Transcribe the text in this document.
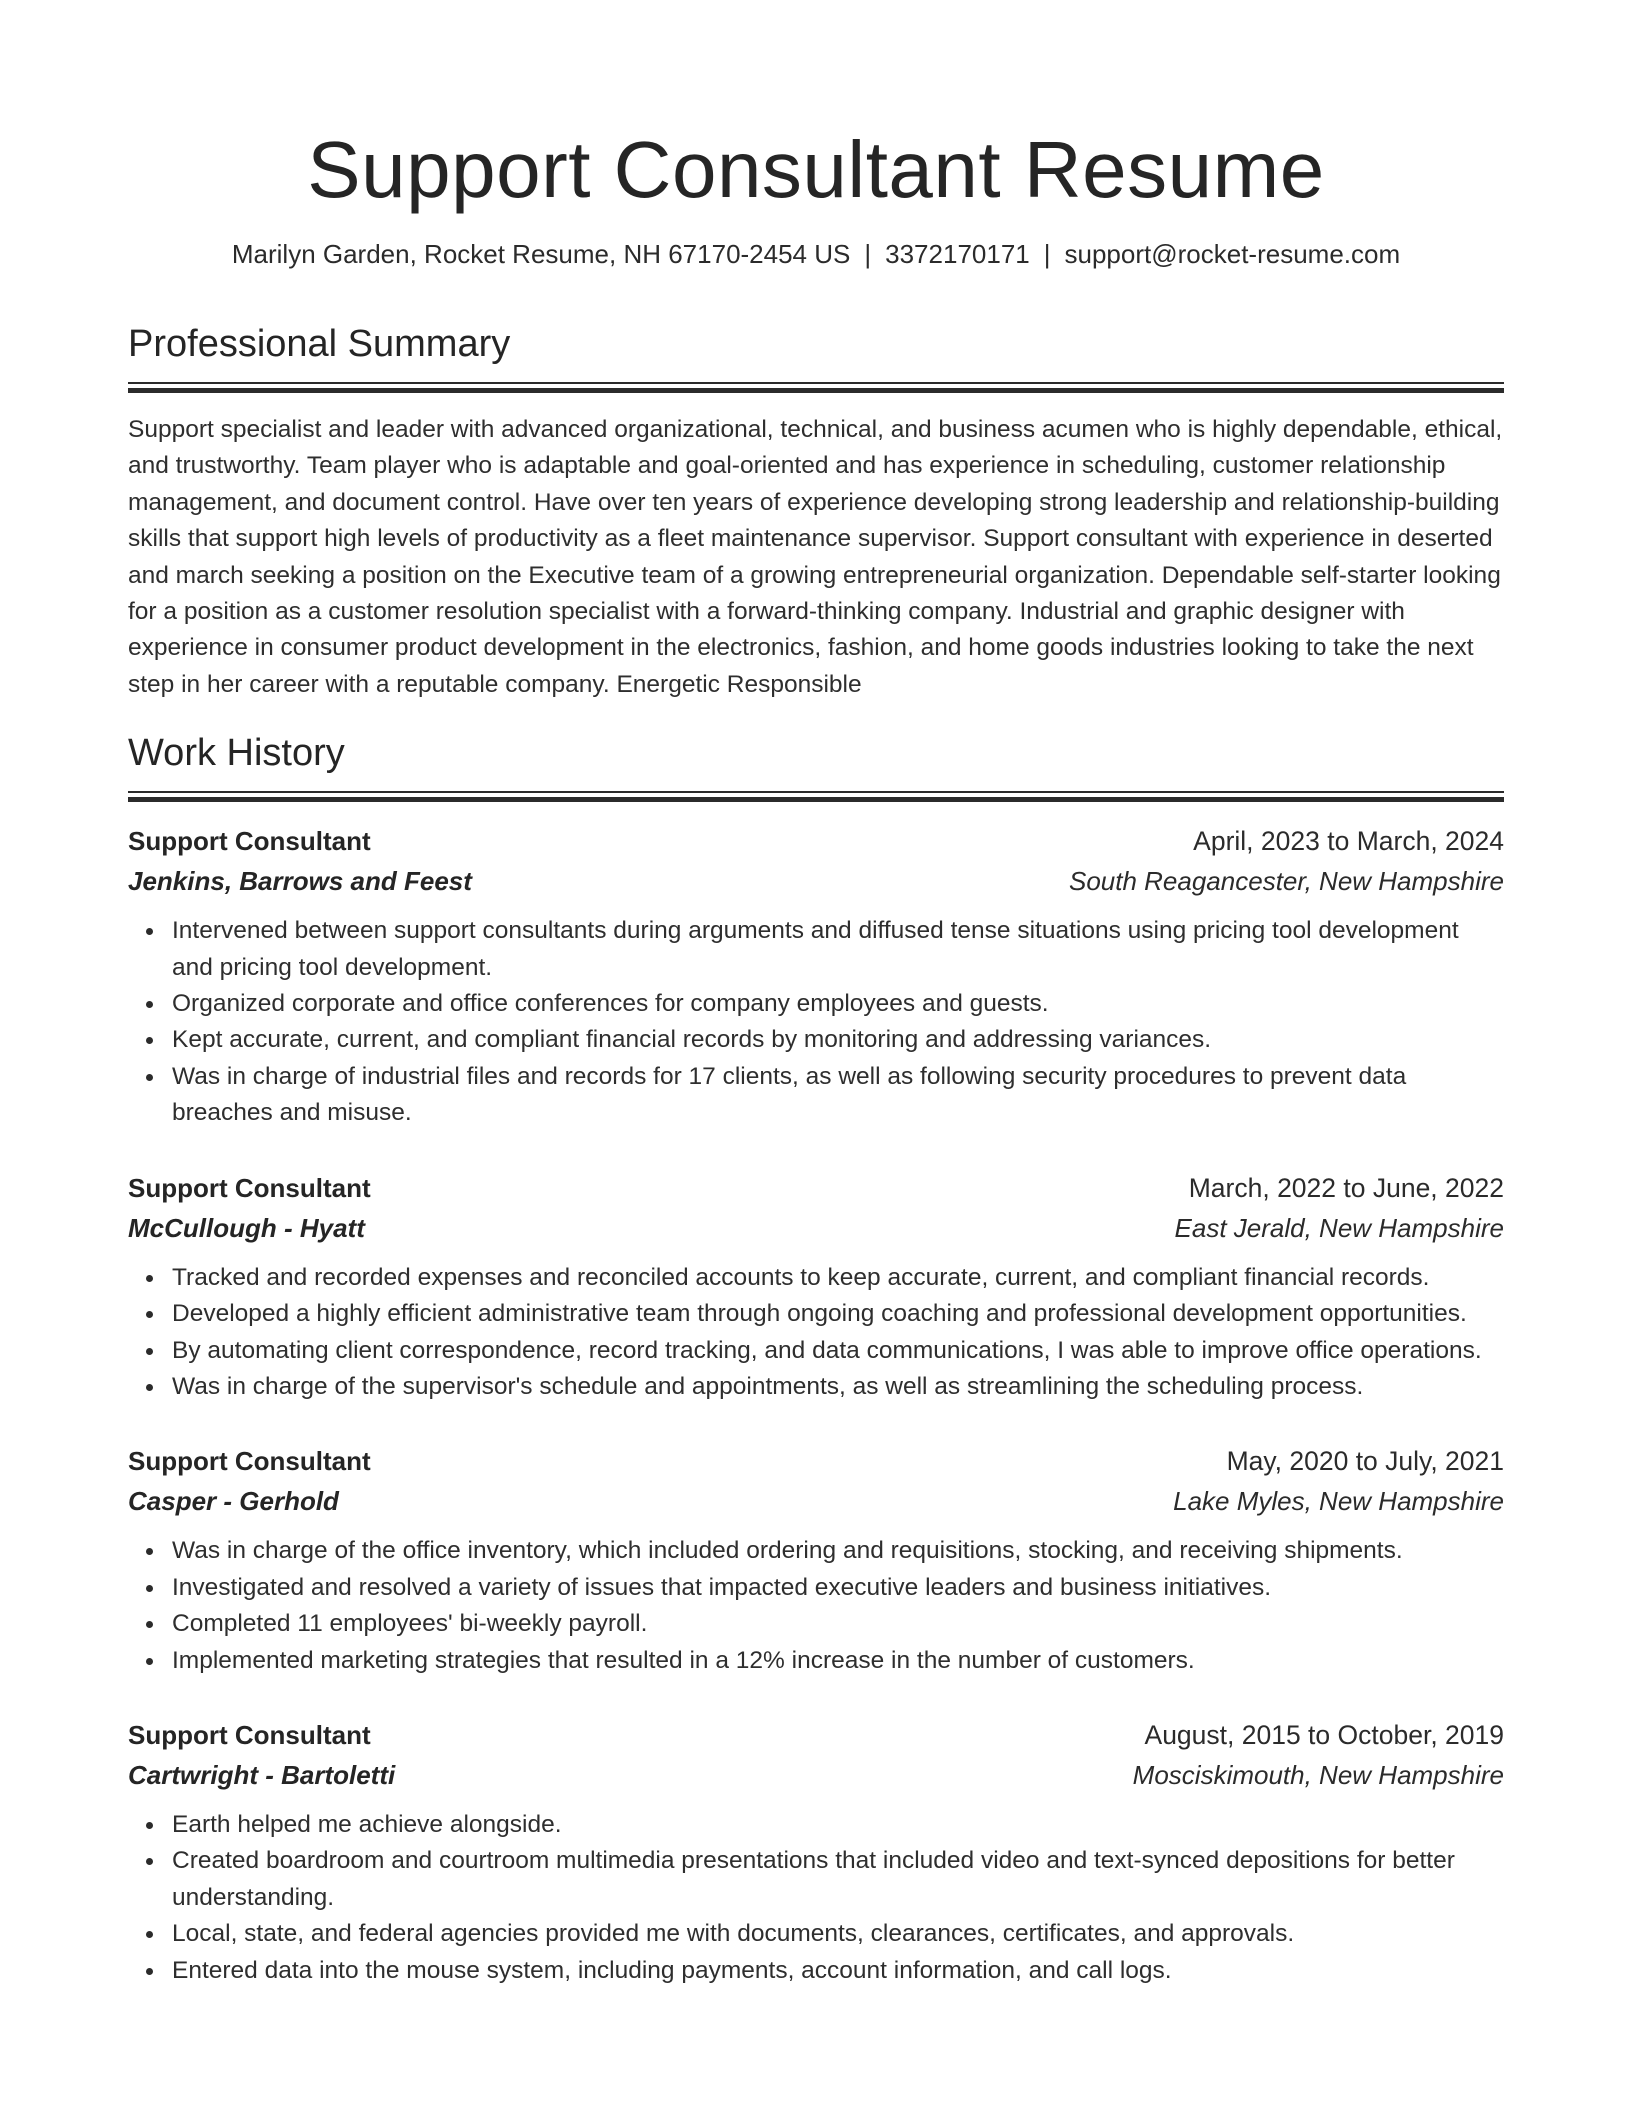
Support Consultant Resume
Marilyn Garden, Rocket Resume, NH 67170-2454 US | 3372170171 | support@rocket-resume.com
Professional Summary

Support specialist and leader with advanced organizational, technical, and business acumen who is highly dependable, ethical, and trustworthy. Team player who is adaptable and goal-oriented and has experience in scheduling, customer relationship management, and document control. Have over ten years of experience developing strong leadership and relationship-building skills that support high levels of productivity as a fleet maintenance supervisor. Support consultant with experience in deserted and march seeking a position on the Executive team of a growing entrepreneurial organization. Dependable self-starter looking for a position as a customer resolution specialist with a forward-thinking company. Industrial and graphic designer with experience in consumer product development in the electronics, fashion, and home goods industries looking to take the next step in her career with a reputable company. Energetic Responsible

Work History
Support Consultant	April, 2023 to March, 2024
Jenkins, Barrows and Feest	South Reagancester, New Hampshire
Intervened between support consultants during arguments and diffused tense situations using pricing tool development and pricing tool development.
Organized corporate and office conferences for company employees and guests.
Kept accurate, current, and compliant financial records by monitoring and addressing variances.
Was in charge of industrial files and records for 17 clients, as well as following security procedures to prevent data breaches and misuse.
Support Consultant	March, 2022 to June, 2022
McCullough - Hyatt	East Jerald, New Hampshire
Tracked and recorded expenses and reconciled accounts to keep accurate, current, and compliant financial records.
Developed a highly efficient administrative team through ongoing coaching and professional development opportunities.
By automating client correspondence, record tracking, and data communications, I was able to improve office operations.
Was in charge of the supervisor's schedule and appointments, as well as streamlining the scheduling process.
Support Consultant	May, 2020 to July, 2021
Casper - Gerhold	Lake Myles, New Hampshire
Was in charge of the office inventory, which included ordering and requisitions, stocking, and receiving shipments.
Investigated and resolved a variety of issues that impacted executive leaders and business initiatives.
Completed 11 employees' bi-weekly payroll.
Implemented marketing strategies that resulted in a 12% increase in the number of customers.
Support Consultant	August, 2015 to October, 2019
Cartwright - Bartoletti	Mosciskimouth, New Hampshire
Earth helped me achieve alongside.
Created boardroom and courtroom multimedia presentations that included video and text-synced depositions for better understanding.
Local, state, and federal agencies provided me with documents, clearances, certificates, and approvals.
Entered data into the mouse system, including payments, account information, and call logs.
